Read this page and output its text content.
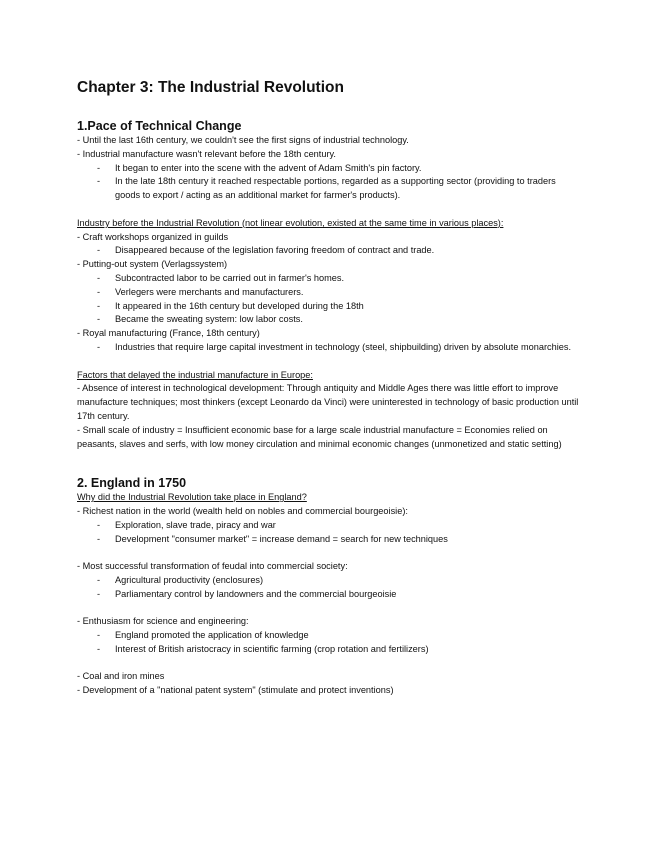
Chapter 3: The Industrial Revolution
1.Pace of Technical Change
- Until the last 16th century, we couldn't see the first signs of industrial technology.
- Industrial manufacture wasn't relevant before the 18th century.
-	It began to enter into the scene with the advent of Adam Smith's pin factory.
-	In the late 18th century it reached respectable portions, regarded as a supporting sector (providing to traders goods to export / acting as an additional market for farmer's products).
Industry before the Industrial Revolution (not linear evolution, existed at the same time in various places):
- Craft workshops organized in guilds
-	Disappeared because of the legislation favoring freedom of contract and trade.
- Putting-out system (Verlagssystem)
-	Subcontracted labor to be carried out in farmer's homes.
-	Verlegers were merchants and manufacturers.
-	It appeared in the 16th century but developed during the 18th
-	Became the sweating system: low labor costs.
- Royal manufacturing (France, 18th century)
-	Industries that require large capital investment in technology (steel, shipbuilding) driven by absolute monarchies.
Factors that delayed the industrial manufacture in Europe:
- Absence of interest in technological development: Through antiquity and Middle Ages there was little effort to improve manufacture techniques; most thinkers (except Leonardo da Vinci) were uninterested in technology of basic production until 17th century.
- Small scale of industry = Insufficient economic base for a large scale industrial manufacture = Economies relied on peasants, slaves and serfs, with low money circulation and minimal economic changes (unmonetized and static setting)
2. England in 1750
Why did the Industrial Revolution take place in England?
- Richest nation in the world (wealth held on nobles and commercial bourgeoisie):
-	Exploration, slave trade, piracy and war
-	Development "consumer market" = increase demand = search for new techniques
- Most successful transformation of feudal into commercial society:
-	Agricultural productivity (enclosures)
-	Parliamentary control by landowners and the commercial bourgeoisie
- Enthusiasm for science and engineering:
-	England promoted the application of knowledge
-	Interest of British aristocracy in scientific farming (crop rotation and fertilizers)
- Coal and iron mines
- Development of a "national patent system" (stimulate and protect inventions)
